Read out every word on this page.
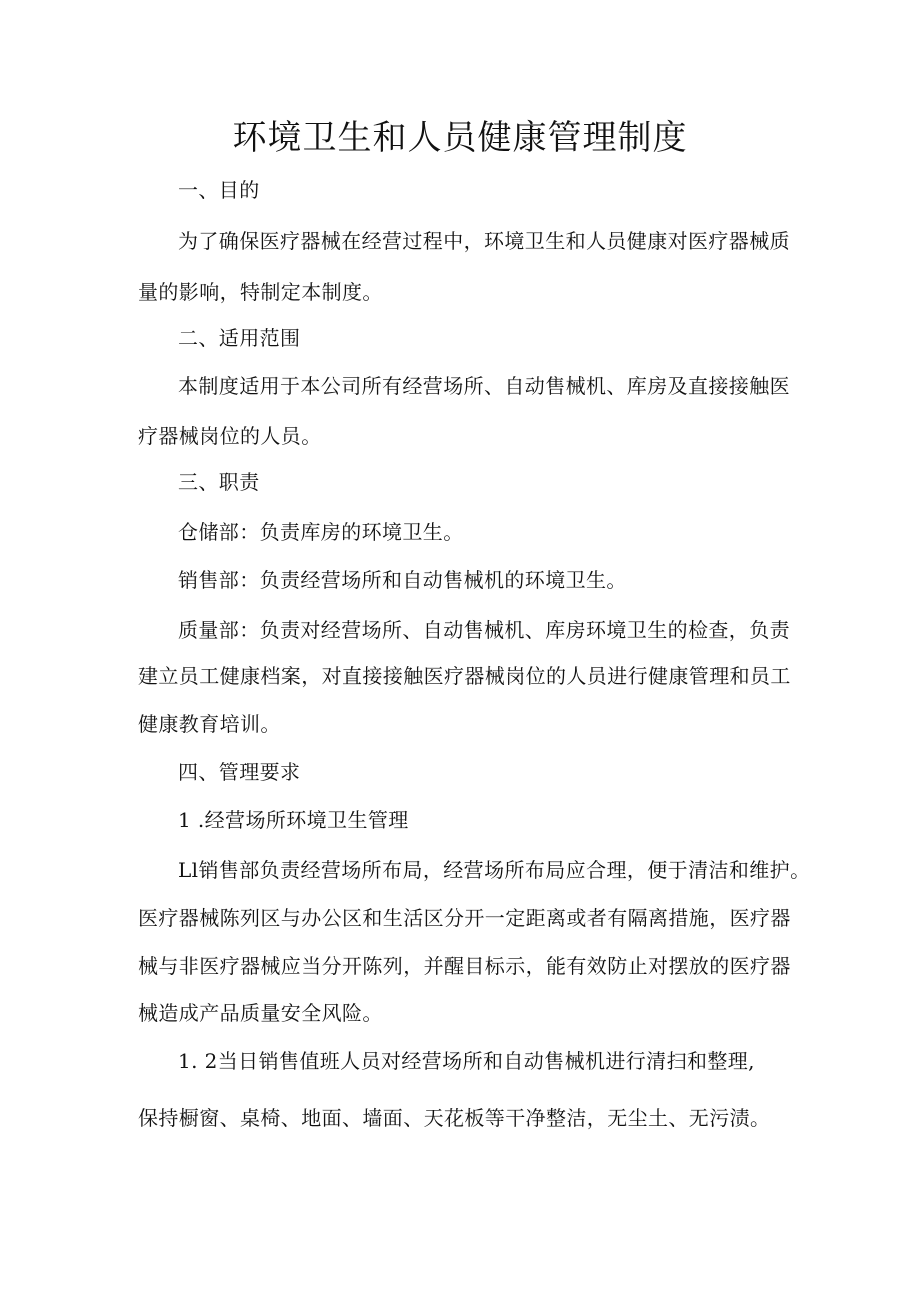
环境卫生和人员健康管理制度

一、目的

为了确保医疗器械在经营过程中，环境卫生和人员健康对医疗器械质

量的影响，特制定本制度。

二、适用范围

本制度适用于本公司所有经营场所、自动售械机、库房及直接接触医

疗器械岗位的人员。

三、职责

仓储部：负责库房的环境卫生。

销售部：负责经营场所和自动售械机的环境卫生。

质量部：负责对经营场所、自动售械机、库房环境卫生的检查，负责

建立员工健康档案，对直接接触医疗器械岗位的人员进行健康管理和员工

健康教育培训。

四、管理要求

1 .经营场所环境卫生管理

Ll销售部负责经营场所布局，经营场所布局应合理，便于清洁和维护。

医疗器械陈列区与办公区和生活区分开一定距离或者有隔离措施，医疗器

械与非医疗器械应当分开陈列，并醒目标示，能有效防止对摆放的医疗器

械造成产品质量安全风险。

1. 2当日销售值班人员对经营场所和自动售械机进行清扫和整理,

保持橱窗、桌椅、地面、墙面、天花板等干净整洁，无尘土、无污渍。
